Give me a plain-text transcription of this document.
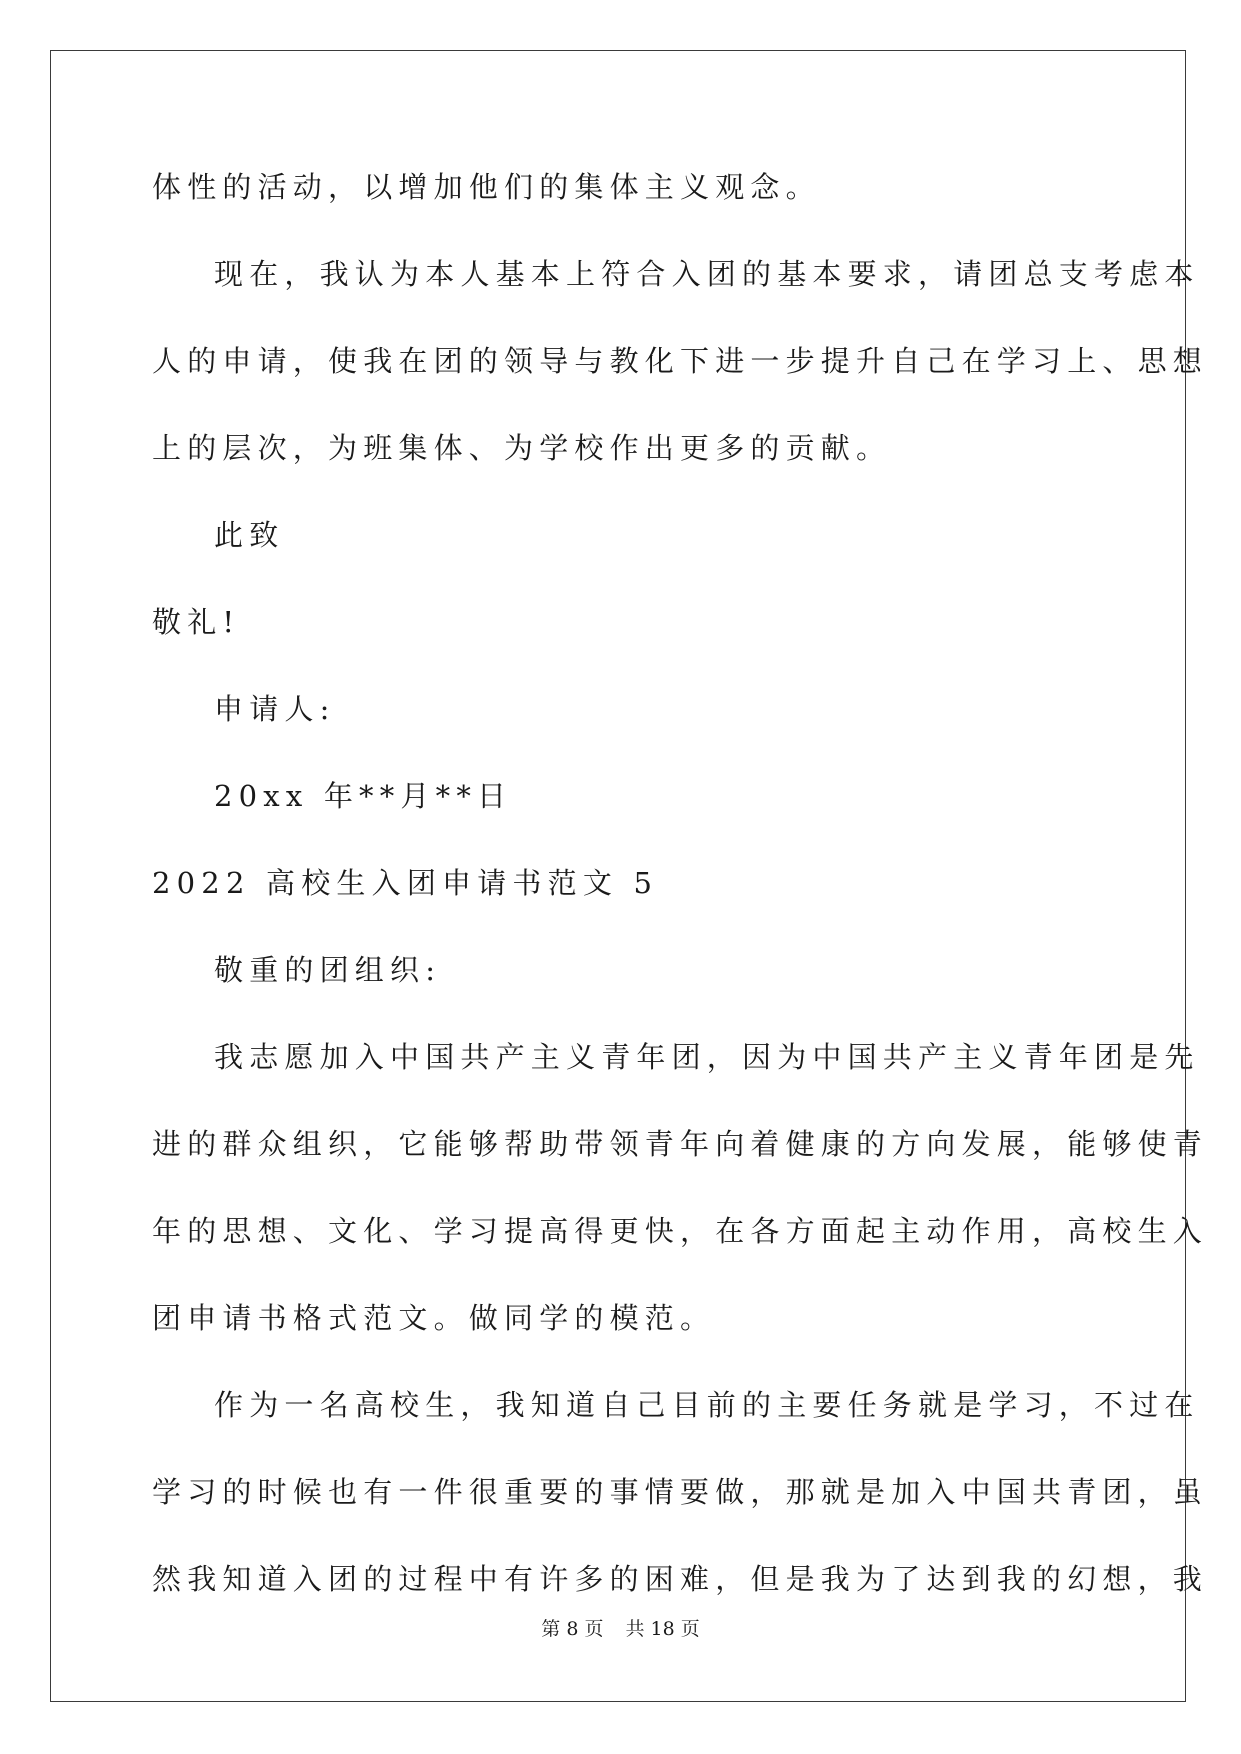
体性的活动，以增加他们的集体主义观念。
现在，我认为本人基本上符合入团的基本要求，请团总支考虑本
人的申请，使我在团的领导与教化下进一步提升自己在学习上、思想
上的层次，为班集体、为学校作出更多的贡献。
此致
敬礼!
申请人:
20xx 年**月**日
2022 高校生入团申请书范文 5
敬重的团组织:
我志愿加入中国共产主义青年团，因为中国共产主义青年团是先
进的群众组织，它能够帮助带领青年向着健康的方向发展，能够使青
年的思想、文化、学习提高得更快，在各方面起主动作用，高校生入
团申请书格式范文。做同学的模范。
作为一名高校生，我知道自己目前的主要任务就是学习，不过在
学习的时候也有一件很重要的事情要做，那就是加入中国共青团，虽
然我知道入团的过程中有许多的困难，但是我为了达到我的幻想，我
第 8 页 共 18 页
